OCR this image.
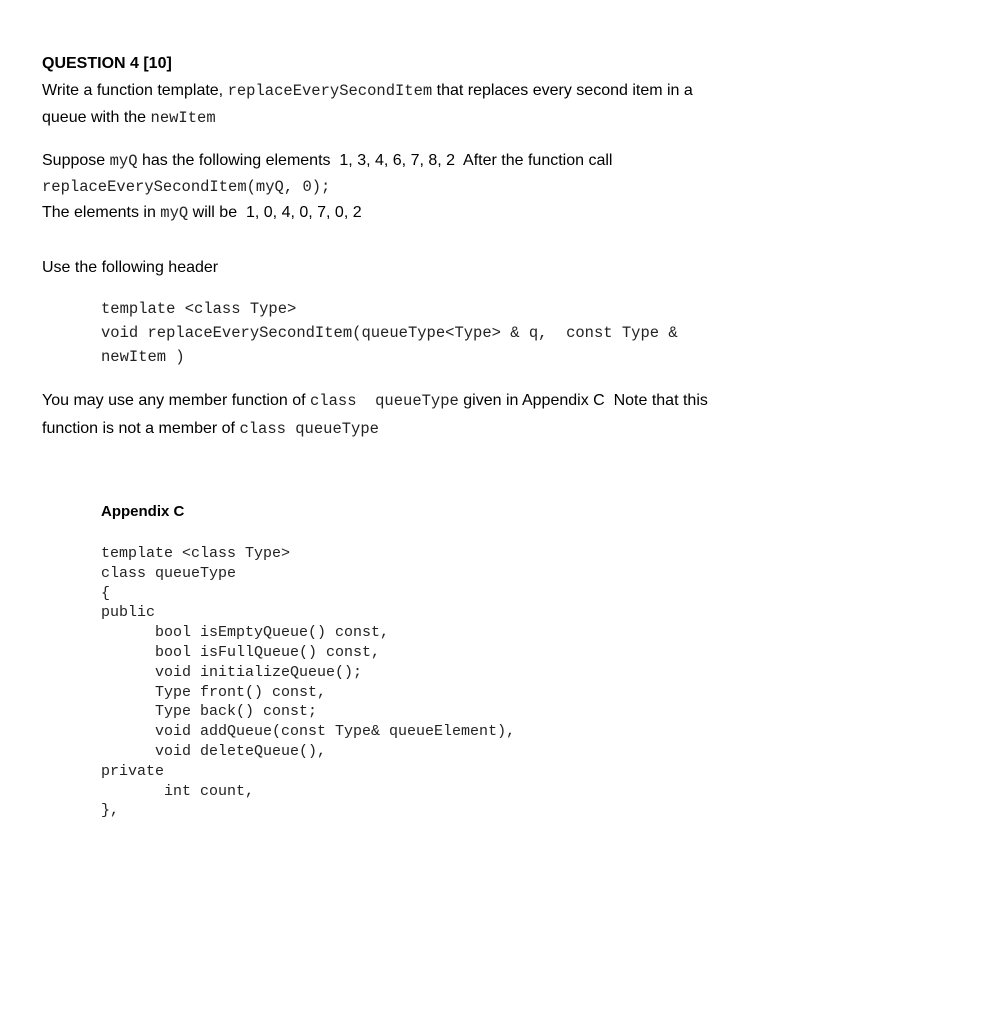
QUESTION 4 [10]
Write a function template, replaceEverySecondItem that replaces every second item in a
queue with the newItem
Suppose myQ has the following elements  1, 3, 4, 6, 7, 8, 2  After the function call
replaceEverySecondItem(myQ, 0);
The elements in myQ will be  1, 0, 4, 0, 7, 0, 2
Use the following header
template <class Type>
void replaceEverySecondItem(queueType<Type> & q,  const Type &
newItem )
You may use any member function of class  queueType given in Appendix C  Note that this
function is not a member of class queueType
Appendix C
template <class Type>
class queueType
{
public
bool isEmptyQueue() const,
bool isFullQueue() const,
void initializeQueue();
Type front() const,
Type back() const;
void addQueue(const Type& queueElement),
void deleteQueue(),
private
int count,
},
